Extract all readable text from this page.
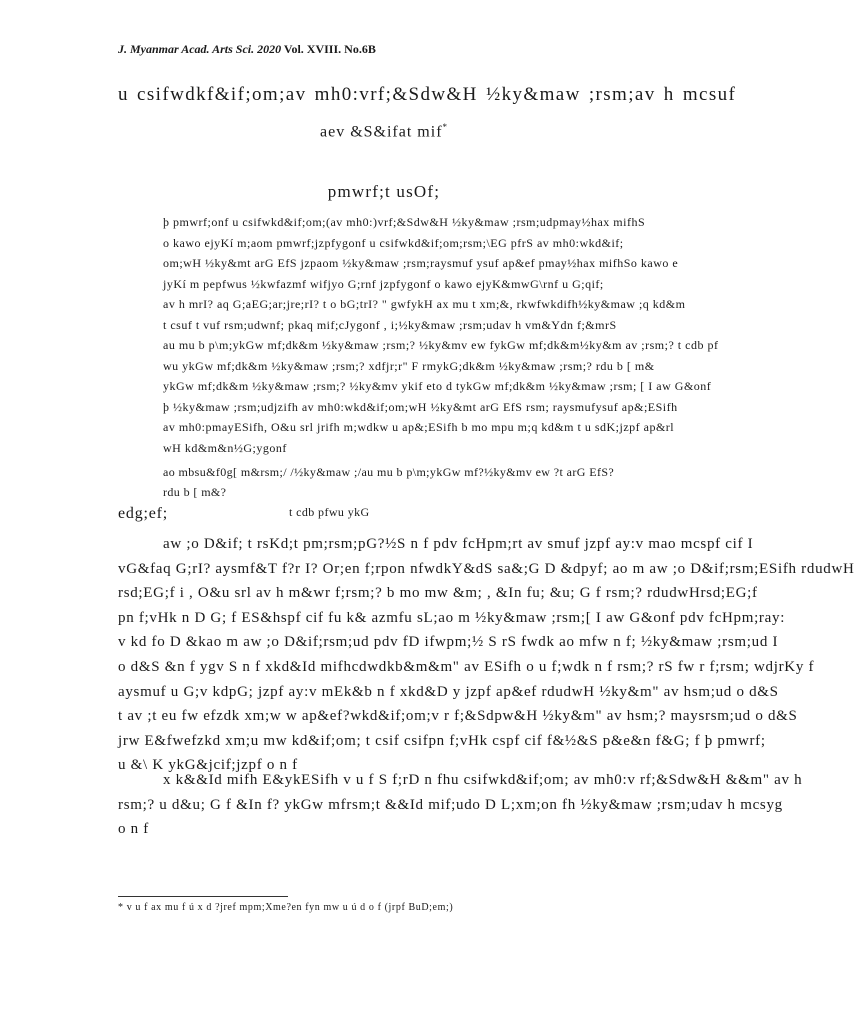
J. Myanmar Acad. Arts Sci. 2020 Vol. XVIII. No.6B
u csifwdkf&if;om;av mh0:vrf;&Sdw&H ½ky&maw ;rsm;av h mcsuf
aev &S&ifat mif*
pmwrf;t usOf;
þ pmwrf;onf u csifwkd&if;om;(av mh0:)vrf;&Sdw&H ½ky&maw ;rsm;udpmay½hax mifhS
o kawo ejyKí m;aom pmwrf;jzpfygonf u csifwkd&if;om;rsm;\EG pfrS av mh0:wkd&if;
om;wH ½ky&mt arG EfS jzpaom ½ky&maw ;rsm;raysmuf ysuf ap&ef pmay½hax mifhSo kawo e
jyKí m pepfwus ½kwfazmf wifjyo G;rnf jzpfygonf o kawo ejyK&mwG\rnf u G;qif;
av h mrI? aq G;aEG;ar;jre;rI? t o bG;trI? " gwfykH ax mu t xm;&, rkwfwkdifh½ky&maw ;q kd&m
t csuf t vuf rsm;udwnf; pkaq mif;cJygonf , i;½ky&maw ;rsm;udav h vm&Ydn f;&mrS
au mu b p\m;ykGw mf;dk&m ½ky&maw ;rsm;? ½ky&mv ew fykGw mf;dk&m½ky&m av ;rsm;? t cdb pf
wu ykGw mf;dk&m ½ky&maw ;rsm;? xdfjr;r" F rmykG;dk&m ½ky&maw ;rsm;? rdu b [ m&
ykGw mf;dk&m ½ky&maw ;rsm;? ½ky&mv ykif eto d tykGw mf;dk&m ½ky&maw ;rsm; [ I aw G&onf
þ ½ky&maw ;rsm;udjzifh av mh0:wkd&if;om;wH ½ky&mt arG EfS rsm; raysmufysuf ap&;ESifh
av mh0:pmayESifh, O&u srl jrifh m;wdkw u ap&;ESifh b mo mpu m;q kd&m t u sdK;jzpf ap&rl
wH kd&m&n½G;ygonf
ao mbsu&f0g[ m&rsm;/ /½ky&maw ;/au mu b p\m;ykGw mf?½ky&mv ew ?t arG EfS? rdu b [ m&?
t cdb pfwu ykG
edg;ef;
aw ;o D&if; t rsKd;t pm;rsm;pG?½S n f pdv fcHpm;rt av smuf jzpf ay:v mao mcspf cif I
vG&faq G;rI? aysmf&T f?r I? Or;en f;rpon nfwdkY&dS sa&;G D &dpyf; ao m aw ;o D&if;rsm;ESifh rdudwH
rsd;EG;f i , O&u srl av h m&wr f;rsm;? b mo mw &m; , &In fu; &u; G f rsm;? rdudwHrsd;EG;f
pn f;vHk n D G; f ES&hspf cif fu k& azmfu sL;ao m ½ky&maw ;rsm;[ I aw G&onf pdv fcHpm;ray:
v kd fo D &kao m aw ;o D&if;rsm;ud pdv fD ifwpm;½ S rS fwdk ao mfw n f; ½ky&maw ;rsm;ud I
o d&S &n f ygv S n f xkd&Id mifhcdwdkb&m&m" av ESifh o u f;wdk n f rsm;? rS fw r f;rsm; wdjrKy f
aysmuf u G;v kdpG; jzpf ay:v mEk&b n f xkd&D y jzpf ap&ef rdudwH ½ky&m" av hsm;ud o d&S
t av ;t eu fw efzdk xm;w w ap&ef?wkd&if;om;v r f;&Sdpw&H ½ky&m" av hsm;? maysrsm;ud o d&S
jrw E&fwefzkd xm;u mw kd&if;om; t csif csifpn f;vHk cspf cif f&½&S p&e&n f&G; f þ pmwrf;
u &\ K ykG&jcif;jzpf o n f
x k&&Id mifh E&ykESifh v u f S f;rD n fhu csifwkd&if;om; av mh0:v rf;&Sdw&H &&m" av h
rsm;? u d&u; G f &In f? ykGw mfrsm;t &&Id mif;udo D L;xm;on fh ½ky&maw ;rsm;udav h mcsyg
o n f
* v u f ax mu f ú x d ?jref mpm;Xme?en fyn mw u ú d o f (jrpf BuD;em;)
